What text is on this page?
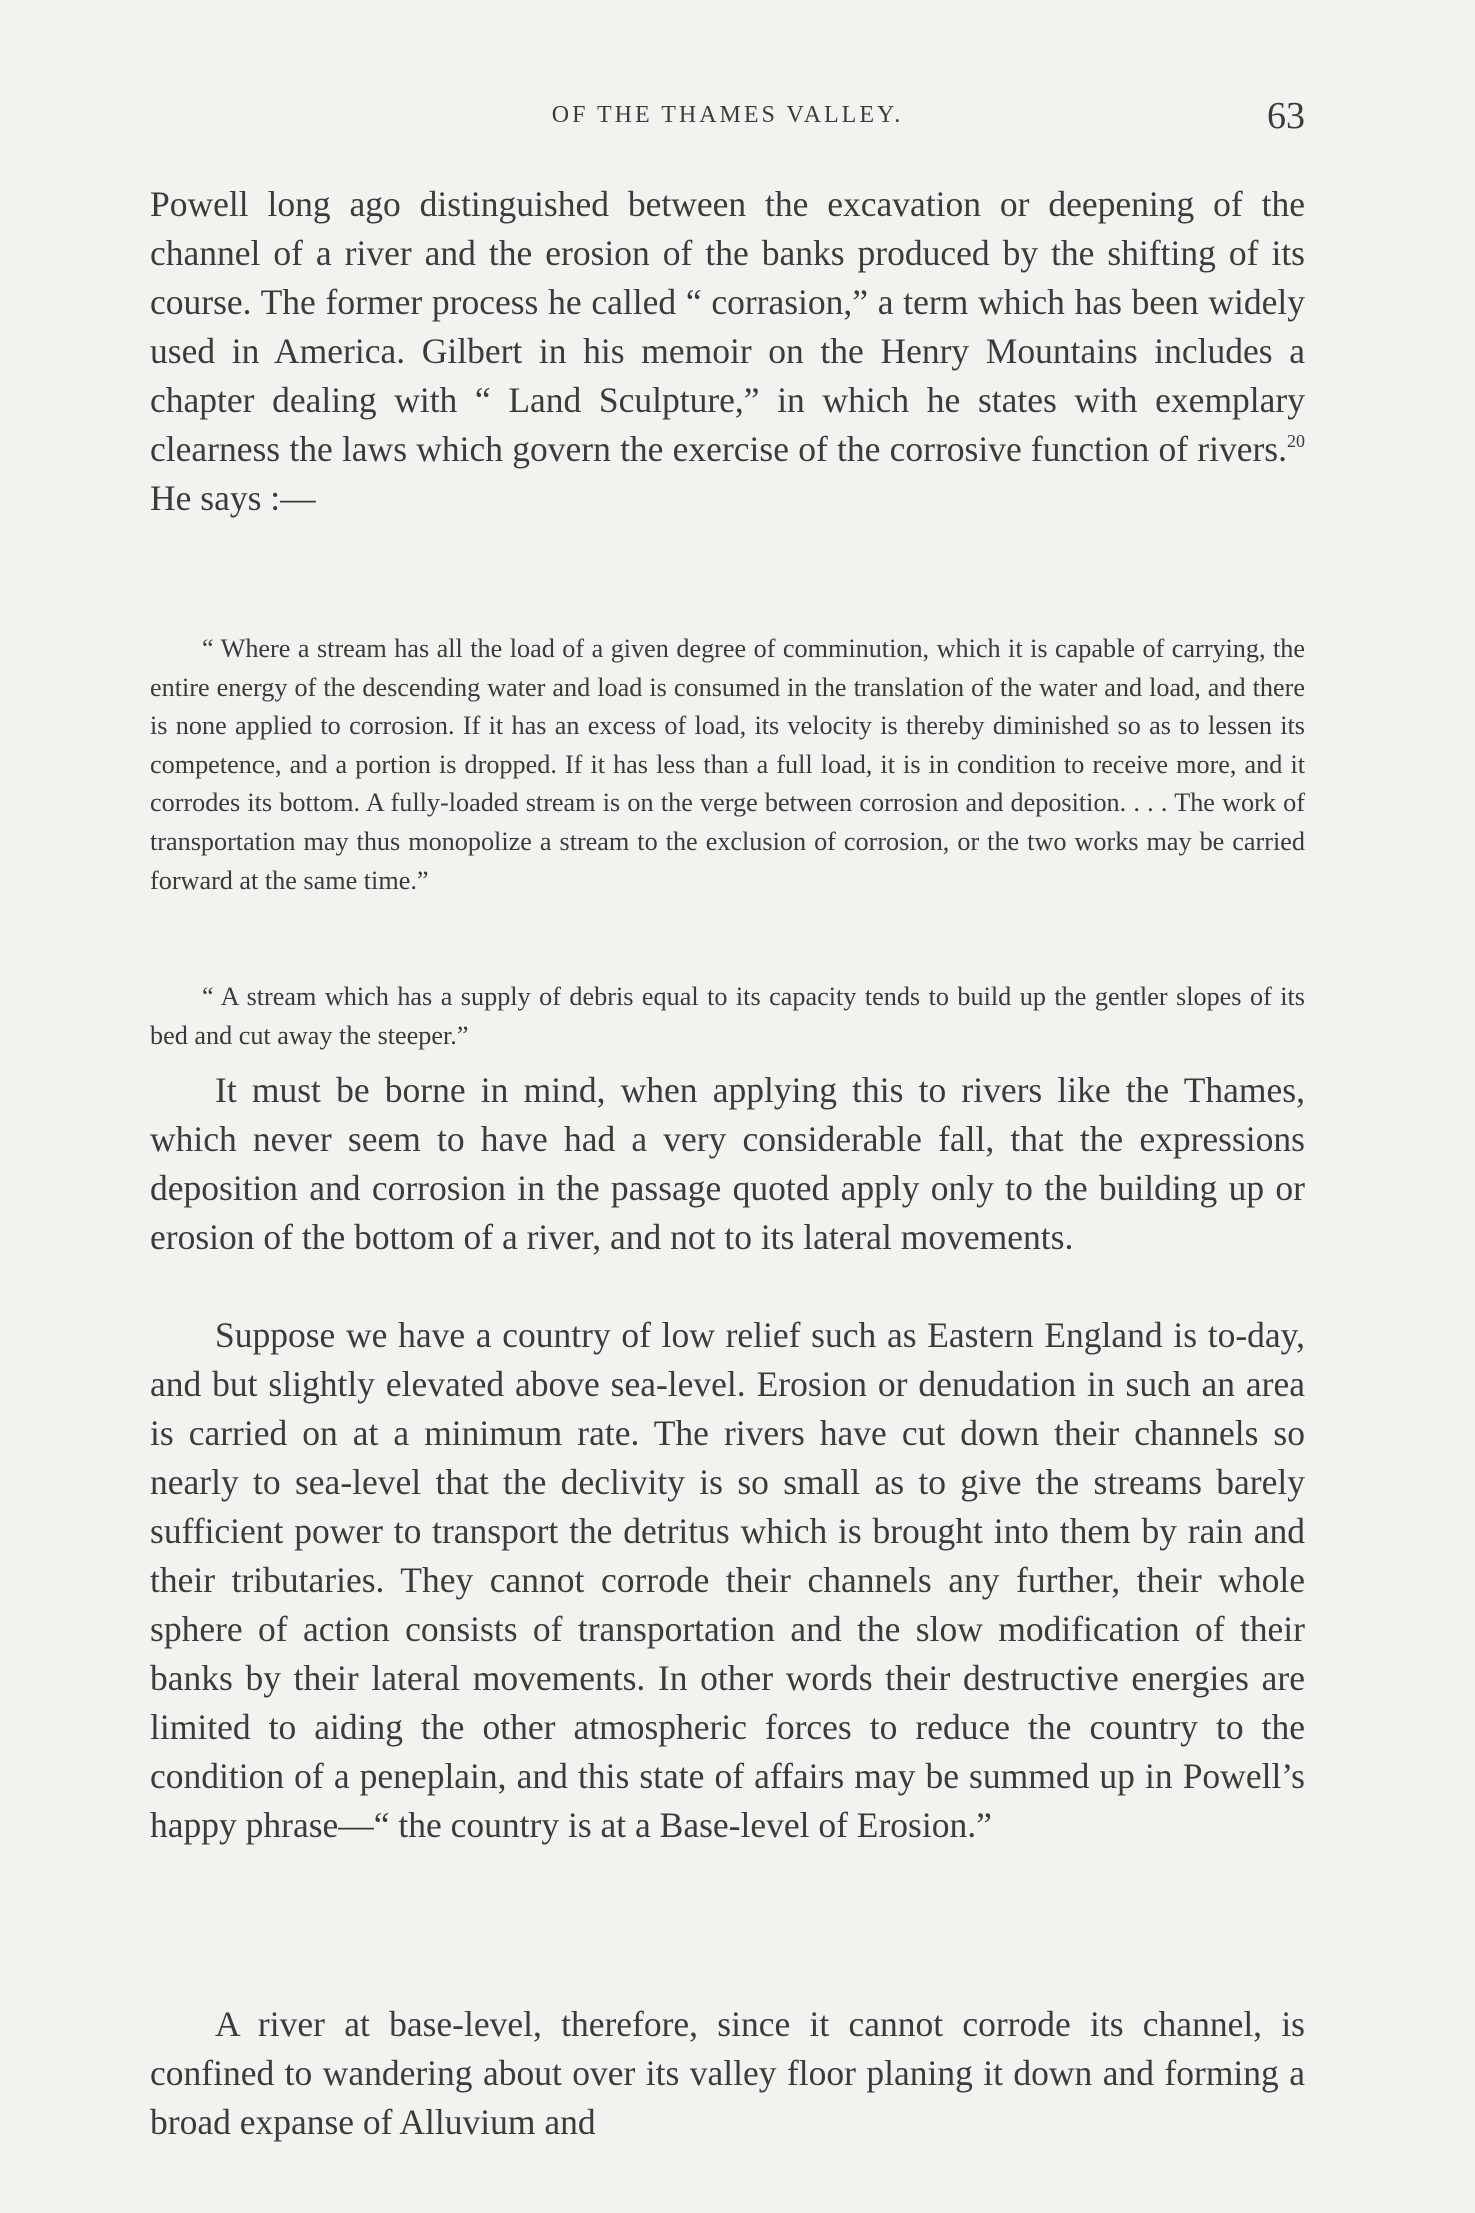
OF THE THAMES VALLEY.	63

Powell long ago distinguished between the excavation or deepening of the channel of a river and the erosion of the banks produced by the shifting of its course. The former process he called “ corrasion,” a term which has been widely used in America. Gilbert in his memoir on the Henry Mountains includes a chapter dealing with “ Land Sculpture,” in which he states with exemplary clearness the laws which govern the exercise of the corrosive function of rivers.$^{20}$ He says :—

“ Where a stream has all the load of a given degree of comminution, which it is capable of carrying, the entire energy of the descending water and load is consumed in the translation of the water and load, and there is none applied to corrosion. If it has an excess of load, its velocity is thereby diminished so as to lessen its competence, and a portion is dropped. If it has less than a full load, it is in condition to receive more, and it corrodes its bottom. A fully-loaded stream is on the verge between corrosion and deposition. . . . The work of transportation may thus monopolize a stream to the exclusion of corrosion, or the two works may be carried forward at the same time.”

“ A stream which has a supply of debris equal to its capacity tends to build up the gentler slopes of its bed and cut away the steeper.”

It must be borne in mind, when applying this to rivers like the Thames, which never seem to have had a very considerable fall, that the expressions deposition and corrosion in the passage quoted apply only to the building up or erosion of the bottom of a river, and not to its lateral movements.

Suppose we have a country of low relief such as Eastern England is to-day, and but slightly elevated above sea-level. Erosion or denudation in such an area is carried on at a minimum rate. The rivers have cut down their channels so nearly to sea-level that the declivity is so small as to give the streams barely sufficient power to transport the detritus which is brought into them by rain and their tributaries. They cannot corrode their channels any further, their whole sphere of action consists of transportation and the slow modification of their banks by their lateral movements. In other words their destructive energies are limited to aiding the other atmospheric forces to reduce the country to the condition of a peneplain, and this state of affairs may be summed up in Powell’s happy phrase—“ the country is at a Base-level of Erosion.”

A river at base-level, therefore, since it cannot corrode its channel, is confined to wandering about over its valley floor planing it down and forming a broad expanse of Alluvium and
